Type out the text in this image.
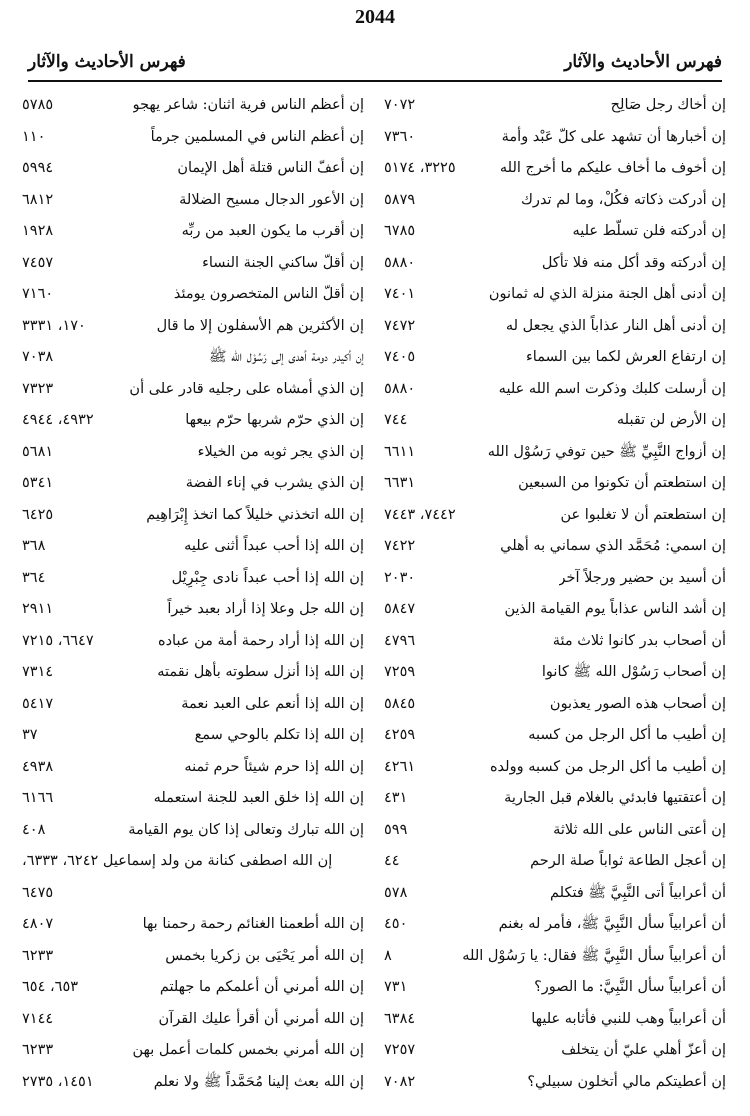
فهرس الأحاديث والآثار	فهرس الأحاديث والآثار
2044
إن أخاك رجل صَالِح
٧٠٧٢
إن أخبارها أن تشهد على كلّ عَبْد وأمة
٧٣٦٠
إن أخوف ما أخاف عليكم ما أخرج الله
٣٢٢٥، ٥١٧٤
إن أدركت ذكاته فكُلْ، وما لم تدرك
٥٨٧٩
إن أدركته فلن تسلّط عليه
٦٧٨٥
إن أدركته وقد أكل منه فلا تأكل
٥٨٨٠
إن أدنى أهل الجنة منزلة الذي له ثمانون
٧٤٠١
إن أدنى أهل النار عذاباً الذي يجعل له
٧٤٧٢
إن ارتفاع العرش لكما بين السماء
٧٤٠٥
إن أرسلت كلبك وذكرت اسم الله عليه
٥٨٨٠
إن الأرض لن تقبله
٧٤٤
إن أزواج النَّبِيِّ ﷺ حين توفي رَسُوْل الله
٦٦١١
إن استطعتم أن تكونوا من السبعين
٦٦٣١
إن استطعتم أن لا تغلبوا عن
٧٤٤٢، ٧٤٤٣
إن اسمي: مُحَمَّد الذي سماني به أهلي
٧٤٢٢
أن أسيد بن حضير ورجلاً آخر
٢٠٣٠
إن أشد الناس عذاباً يوم القيامة الذين
٥٨٤٧
أن أصحاب بدر كانوا ثلاث مئة
٤٧٩٦
إن أصحاب رَسُوْل الله ﷺ كانوا
٧٢٥٩
إن أصحاب هذه الصور يعذبون
٥٨٤٥
إن أطيب ما أكل الرجل من كسبه
٤٢٥٩
إن أطيب ما أكل الرجل من كسبه وولده
٤٢٦١
إن أعتقتيها فابدئي بالغلام قبل الجارية
٤٣١
إن أعتى الناس على الله ثلاثة
٥٩٩
إن أعجل الطاعة ثواباً صلة الرحم
٤٤
أن أعرابياً أتى النَّبِيَّ ﷺ فتكلم
٥٧٨
أن أعرابياً سأل النَّبِيَّ ﷺ، فأمر له بغنم
٤٥٠
أن أعرابياً سأل النَّبِيَّ ﷺ فقال: يا رَسُوْل الله
٨
أن أعرابياً سأل النَّبِيَّ: ما الصور؟
٧٣١
أن أعرابياً وهب للنبي فأثابه عليها
٦٣٨٤
إن أعزّ أهلي عليّ أن يتخلف
٧٢٥٧
إن أعطيتكم مالي أتخلون سبيلي؟
٧٠٨٢
إن أعظم الناس فرية اثنان: شاعر يهجو
٥٧٨٥
إن أعظم الناس في المسلمين جرماً
١١٠
إن أعفّ الناس قتلة أهل الإيمان
٥٩٩٤
إن الأعور الدجال مسيح الضلالة
٦٨١٢
إن أقرب ما يكون العبد من ربِّه
١٩٢٨
إن أقلّ ساكني الجنة النساء
٧٤٥٧
إن أقلّ الناس المتخصرون يومئذ
٧١٦٠
إن الأكثرين هم الأسفلون إلا ما قال
١٧٠، ٣٣٣١
إن أكيدر دومة أهدى إلى رَسُوْل الله ﷺ
٧٠٣٨
إن الذي أمشاه على رجليه قادر على أن
٧٣٢٣
إن الذي حرّم شربها حرّم بيعها
٤٩٣٢، ٤٩٤٤
إن الذي يجر ثوبه من الخيلاء
٥٦٨١
إن الذي يشرب في إناء الفضة
٥٣٤١
إن الله اتخذني خليلاً كما اتخذ إِبْرَاهِيم
٦٤٢٥
إن الله إذا أحب عبداً أثنى عليه
٣٦٨
إن الله إذا أحب عبداً نادى جِبْرِيْل
٣٦٤
إن الله جل وعلا إذا أراد بعبد خيراً
٢٩١١
إن الله إذا أراد رحمة أمة من عباده
٦٦٤٧، ٧٢١٥
إن الله إذا أنزل سطوته بأهل نقمته
٧٣١٤
إن الله إذا أنعم على العبد نعمة
٥٤١٧
إن الله إذا تكلم بالوحي سمع
٣٧
إن الله إذا حرم شيئاً حرم ثمنه
٤٩٣٨
إن الله إذا خلق العبد للجنة استعمله
٦١٦٦
إن الله تبارك وتعالى إذا كان يوم القيامة
٤٠٨
إن الله اصطفى كنانة من ولد إسماعيل ٦٢٤٢، ٦٣٣٣،
٦٤٧٥
إن الله أطعمنا الغنائم رحمة رحمنا بها
٤٨٠٧
إن الله أمر يَحْيَى بن زكريا بخمس
٦٢٣٣
إن الله أمرني أن أعلمكم ما جهلتم
٦٥٣، ٦٥٤
إن الله أمرني أن أقرأ عليك القرآن
٧١٤٤
إن الله أمرني بخمس كلمات أعمل بهن
٦٢٣٣
إن الله بعث إلينا مُحَمَّداً ﷺ ولا نعلم
١٤٥١، ٢٧٣٥
